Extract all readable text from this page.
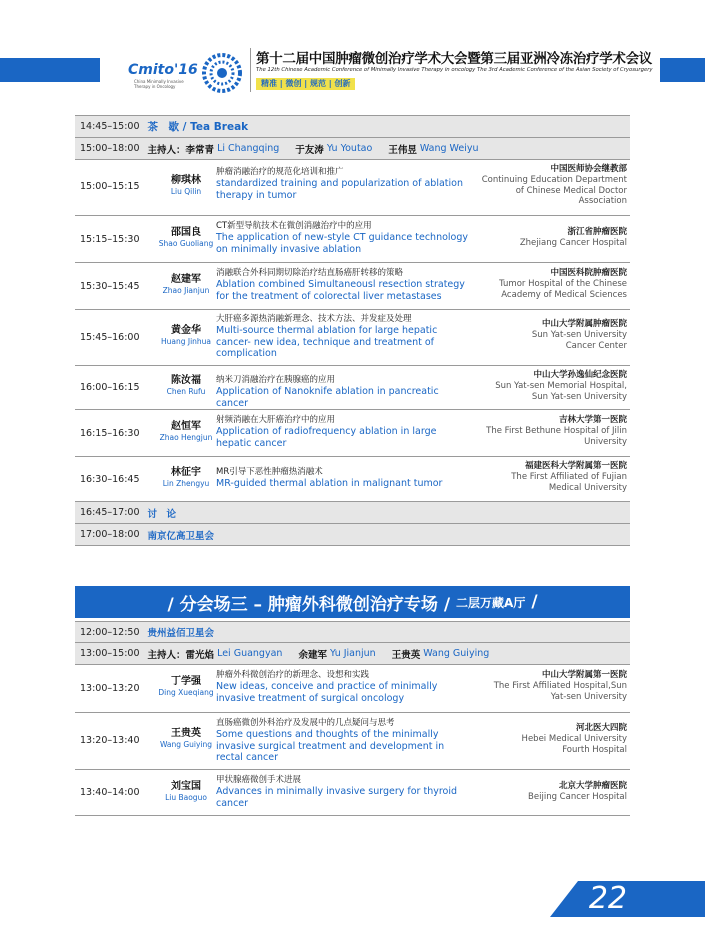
Cmito'16
China Minimally Invasive Therapy in Oncology
第十二届中国肿瘤微创治疗学术大会暨第三届亚洲冷冻治疗学术会议
The 12th Chinese Academic Conference of Minimally Invasive Therapy in oncology The 3rd Academic Conference of the Asian Society of Cryosurgery
精准 | 微创 | 规范 | 创新
14:45–15:00 茶　歇 / Tea Break
15:00–18:00 主持人： 李常青
Li Changqing 于友涛
Yu Youtao 王伟昱
Wang Weiyu
15:00–15:15
柳琪林
Liu Qilin
肿瘤消融治疗的规范化培训和推广
standardized training and popularization of ablation therapy in tumor
中国医师协会继教部
Continuing Education Department of Chinese Medical Doctor Association
15:15–15:30
邵国良
Shao Guoliang
CT新型导航技术在微创消融治疗中的应用
The application of new-style CT guidance technology on minimally invasive ablation
浙江省肿瘤医院
Zhejiang Cancer Hospital
15:30–15:45
赵建军
Zhao Jianjun
消融联合外科同期切除治疗结直肠癌肝转移的策略
Ablation combined Simultaneousl resection strategy for the treatment of colorectal liver metastases
中国医科院肿瘤医院
Tumor Hospital of the Chinese Academy of Medical Sciences
15:45–16:00
黄金华
Huang Jinhua
大肝癌多源热消融新理念、技术方法、并发症及处理
Multi-source thermal ablation for large hepatic cancer- new idea, technique and treatment of complication
中山大学附属肿瘤医院
Sun Yat-sen University Cancer Center
16:00–16:15
陈汝福
Chen Rufu
纳米刀消融治疗在胰腺癌的应用
Application of Nanoknife ablation in pancreatic cancer
中山大学孙逸仙纪念医院
Sun Yat-sen Memorial Hospital, Sun Yat-sen University
16:15–16:30
赵恒军
Zhao Hengjun
射频消融在大肝癌治疗中的应用
Application of radiofrequency ablation in large hepatic cancer
吉林大学第一医院
The First Bethune Hospital of Jilin University
16:30–16:45
林征宇
Lin Zhengyu
MR引导下恶性肿瘤热消融术
MR-guided thermal ablation in malignant tumor
福建医科大学附属第一医院
The First Affiliated of Fujian Medical University
16:45–17:00 讨　论
17:00–18:00 南京亿高卫星会
/ 分会场三 – 肿瘤外科微创治疗专场 / 二层万藏A厅 /
12:00–12:50 贵州益佰卫星会
13:00–15:00 主持人： 雷光焰
Lei Guangyan 余建军
Yu Jianjun 王贵英
Wang Guiying
13:00–13:20
丁学强
Ding Xueqiang
肿瘤外科微创治疗的新理念、设想和实践
New ideas, conceive and practice of minimally invasive treatment of surgical oncology
中山大学附属第一医院
The First Affiliated Hospital,Sun Yat-sen University
13:20–13:40
王贵英
Wang Guiying
直肠癌微创外科治疗及发展中的几点疑问与思考
Some questions and thoughts of the minimally invasive surgical treatment and development in rectal cancer
河北医大四院
Hebei Medical University Fourth Hospital
13:40–14:00
刘宝国
Liu Baoguo
甲状腺癌微创手术进展
Advances in minimally invasive surgery for thyroid cancer
北京大学肿瘤医院
Beijing Cancer Hospital
22
